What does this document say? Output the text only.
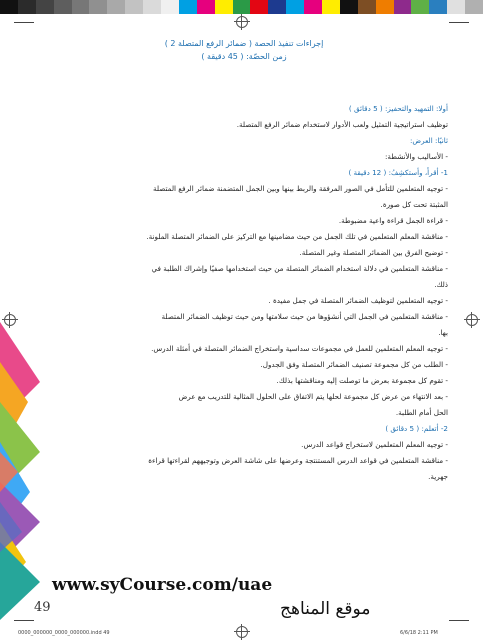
إجراءات تنفيذ الحصة ( ضمائر الرفع المتصلة 2 )
زمن الحصّة: ( 45 دقيقة )

أولا: التمهيد والتحفيز: ( 5 دقائق )

توظيف استراتيجية التمثيل ولعب الأدوار لاستخدام ضمائر الرفع المتصلة.

ثانيًا: العرض:

- الأساليب والأنشطة:

1- أقرأُ، وأستكشِفُ: ( 12 دقيقة )

- توجيه المتعلمين للتأمل في الصور المرفقة والربط بينها وبين الجمل المتضمنة ضمائر الرفع المتصلة

المثبتة تحت كل صورة.

- قراءة الجمل قراءة واعية مضبوطة.

- مناقشة المعلم المتعلمين في تلك الجمل من حيث مضامينها مع التركيز على الضمائر المتصلة الملونة.

- توضيح الفرق بين الضمائر المتصلة وغير المتصلة.

- مناقشة المتعلمين في دلالة استخدام الضمائر المتصلة من حيث استخدامها صفيًا وإشراك الطلبة في

ذلك.

- توجيه المتعلمين لتوظيف الضمائر المتصلة في جمل مفيدة .

- مناقشة المتعلمين في الجمل التي أنشؤوها من حيث سلامتها ومن حيث توظيف الضمائر المتصلة

بها.

- توجيه المعلم المتعلمين للعمل في مجموعات سداسية واستخراج الضمائر المتصلة في أمثلة الدرس.

- الطلب من كل مجموعة تصنيف الضمائر المتصلة وفق الجدول.

- تقوم كل مجموعة بعرض ما توصلت إليه ومناقشتها بذلك.

- بعد الانتهاء من عرض كل مجموعة لحلها يتم الاتفاق على الحلول المثالية للتدريب مع عرض

الحل أمام الطلبة.

2- أتعلم: ( 5 دقائق )

- توجيه المعلم المتعلمين لاستخراج قواعد الدرس.

- مناقشة المتعلمين في قواعد الدرس المستنتجة وعرضها على شاشة العرض وتوجيههم لقراءتها قراءة

جهرية.

www.syCourse.com/uae
49	موقع المناهج
0000_000000_0000_000000.indd 49	6/6/18 2:11 PM
